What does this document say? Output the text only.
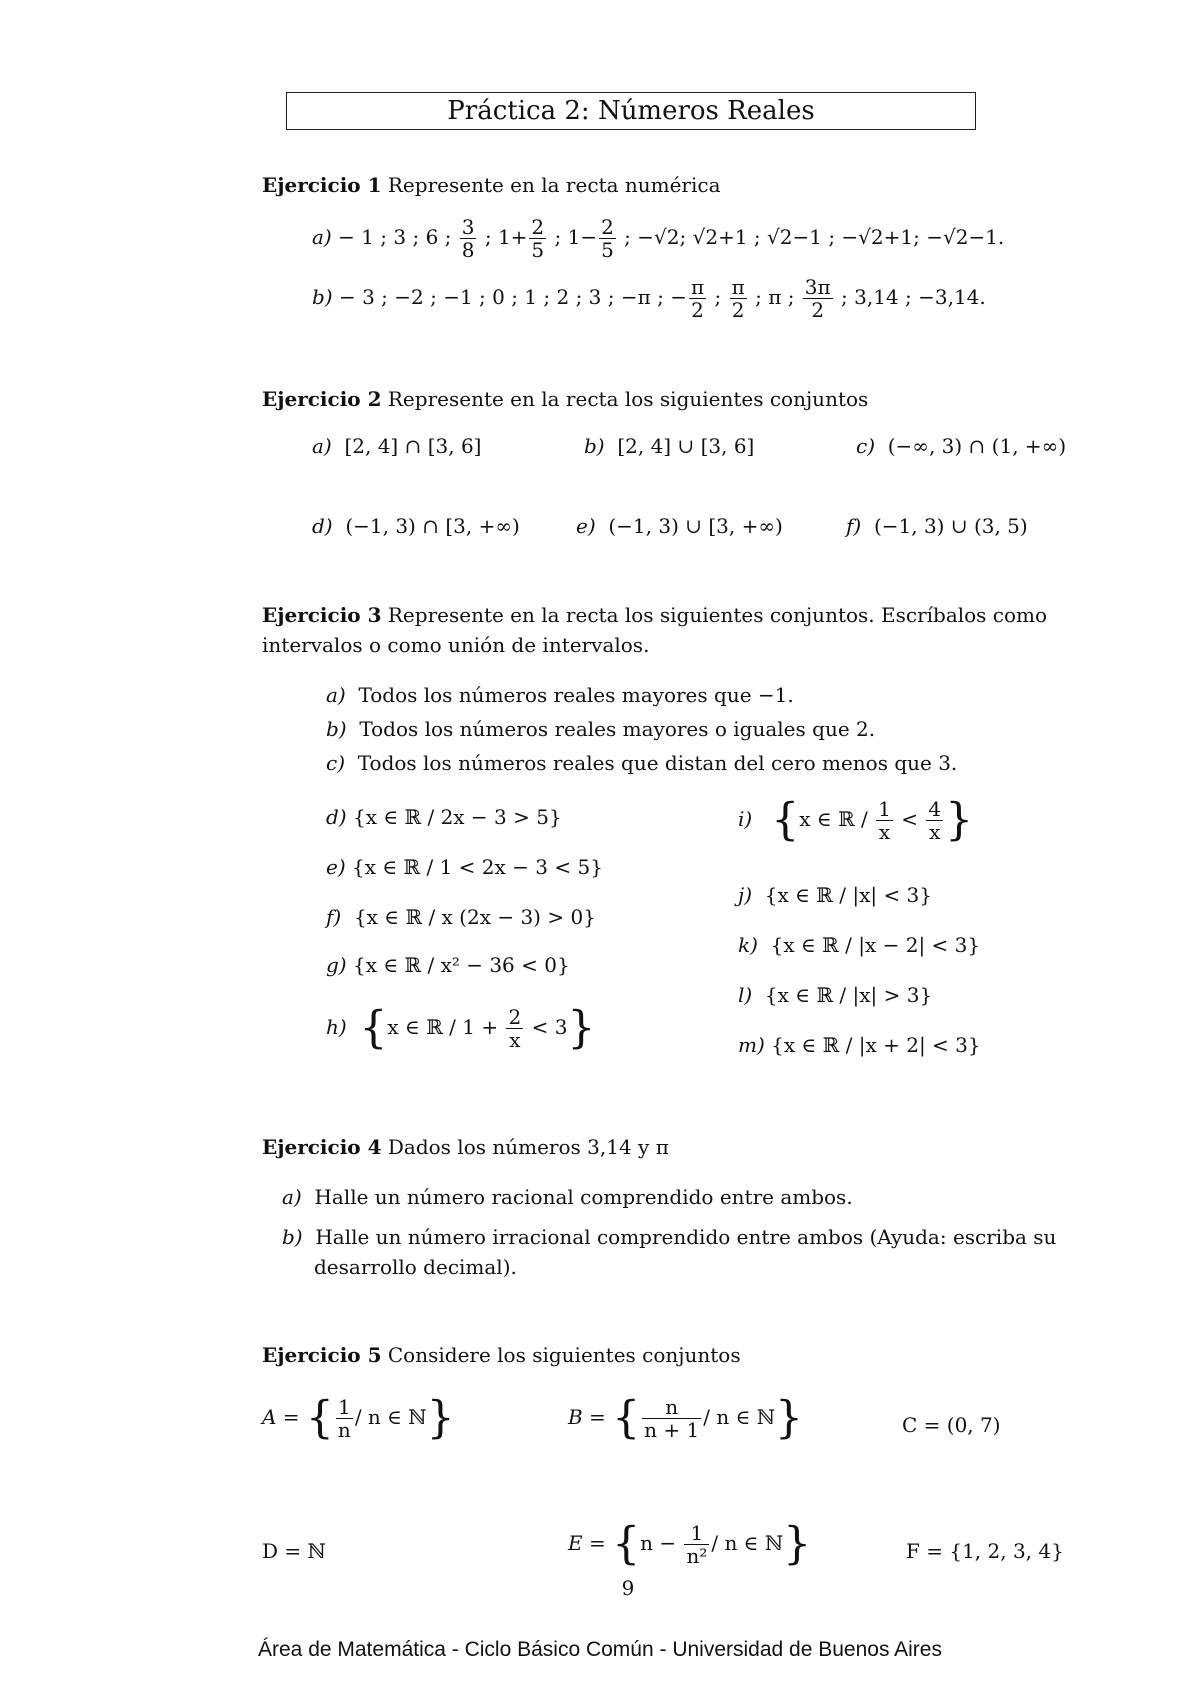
Práctica 2: Números Reales
Ejercicio 1 Represente en la recta numérica
a) − 1 ; 3 ; 6 ; $\frac{3}{8}$ ; $1+ \frac{2}{5}$ ; $1- \frac{2}{5}$ ; −√2; √2+1 ; √2−1 ; −√2+1; −√2−1.
b) − 3 ; −2 ; −1 ; 0 ; 1 ; 2 ; 3 ; −π ; − $\frac{\pi}{2}$ ; $\frac{\pi}{2}$ ; π ; $\frac{3\pi}{2}$ ; 3,14 ; −3,14.
Ejercicio 2 Represente en la recta los siguientes conjuntos
a) [2, 4] ∩ [3, 6]	b) [2, 4] ∪ [3, 6]	c) (−∞, 3) ∩ (1, +∞)
d) (−1, 3) ∩ [3, +∞)	e) (−1, 3) ∪ [3, +∞)	f) (−1, 3) ∪ (3, 5)
Ejercicio 3 Represente en la recta los siguientes conjuntos. Escríbalos como
intervalos o como unión de intervalos.
a) Todos los números reales mayores que −1.
b) Todos los números reales mayores o iguales que 2.
c) Todos los números reales que distan del cero menos que 3.
d) {x ∈ ℝ / 2x − 3 > 5}
e) {x ∈ ℝ / 1 < 2x − 3 < 5}
f) {x ∈ ℝ / x (2x − 3) > 0}
g) {x ∈ ℝ / x² − 36 < 0}
h) {x ∈ ℝ / $1 + \frac{2}{x} < 3$}
i) {x ∈ ℝ / $\frac{1}{x} < \frac{4}{x}$ }
j) {x ∈ ℝ / |x| < 3}
k) {x ∈ ℝ / |x − 2| < 3}
l) {x ∈ ℝ / |x| > 3}
m) {x ∈ ℝ / |x + 2| < 3}
Ejercicio 4 Dados los números 3,14 y π
a) Halle un número racional comprendido entre ambos.
b) Halle un número irracional comprendido entre ambos (Ayuda: escriba su
desarrollo decimal).
Ejercicio 5 Considere los siguientes conjuntos
A = { $\frac{1}{n}$ / n ∈ ℕ}	B = { $\frac{n}{n + 1}$ / n ∈ ℕ}	C = (0, 7)
D = ℕ	$E = \{n - \frac{1}{\text{n²}} / n$ ∈ ℕ}	F = {1, 2, 3, 4}
9
Área de Matemática - Ciclo Básico Común - Universidad de Buenos Aires
